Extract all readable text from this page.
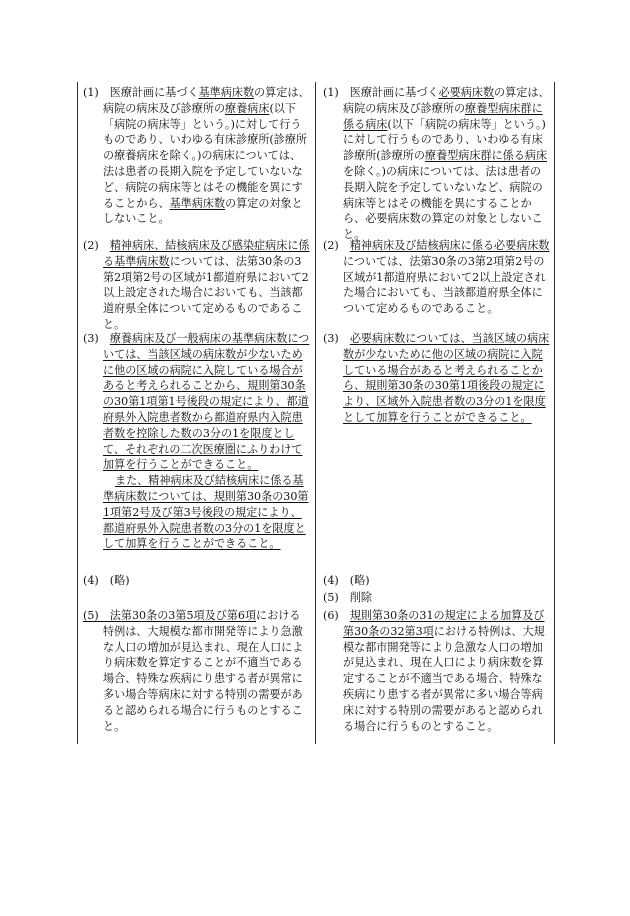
(1)　医療計画に基づく基準病床数の算定は、病院の病床及び診療所の療養病床(以下「病院の病床等」という。)に対して行うものであり、いわゆる有床診療所(診療所の療養病床を除く。)の病床については、法は患者の長期入院を予定していないなど、病院の病床等とはその機能を異にすることから、基準病床数の算定の対象としないこと。

(2)　精神病床、結核病床及び感染症病床に係る基準病床数については、法第30条の3第2項第2号の区域が1都道府県において2以上設定された場合においても、当該都道府県全体について定めるものであること。

(3)　療養病床及び一般病床の基準病床数については、当該区域の病床数が少ないために他の区域の病院に入院している場合があると考えられることから、規則第30条の30第1項第1号後段の規定により、都道府県外入院患者数から都道府県内入院患者数を控除した数の3分の1を限度として、それぞれの二次医療圏にふりわけて加算を行うことができること。

また、精神病床及び結核病床に係る基準病床数については、規則第30条の30第1項第2号及び第3号後段の規定により、都道府県外入院患者数の3分の1を限度として加算を行うことができること。

(4)　(略)

(5)　法第30条の3第5項及び第6項における特例は、大規模な都市開発等により急激な人口の増加が見込まれ、現在人口により病床数を算定することが不適当である場合、特殊な疾病にり患する者が異常に多い場合等病床に対する特別の需要があると認められる場合に行うものとすること。

(1)　医療計画に基づく必要病床数の算定は、病院の病床及び診療所の療養型病床群に係る病床(以下「病院の病床等」という。)に対して行うものであり、いわゆる有床診療所(診療所の療養型病床群に係る病床を除く。)の病床については、法は患者の長期入院を予定していないなど、病院の病床等とはその機能を異にすることから、必要病床数の算定の対象としないこと。

(2)　精神病床及び結核病床に係る必要病床数については、法第30条の3第2項第2号の区域が1都道府県において2以上設定された場合においても、当該都道府県全体について定めるものであること。

(3)　必要病床数については、当該区域の病床数が少ないために他の区域の病院に入院している場合があると考えられることから、規則第30条の30第1項後段の規定により、区域外入院患者数の3分の1を限度として加算を行うことができること。

(4)　(略)

(5)　削除

(6)　規則第30条の31の規定による加算及び第30条の32第3項における特例は、大規模な都市開発等により急激な人口の増加が見込まれ、現在人口により病床数を算定することが不適当である場合、特殊な疾病にり患する者が異常に多い場合等病床に対する特別の需要があると認められる場合に行うものとすること。
